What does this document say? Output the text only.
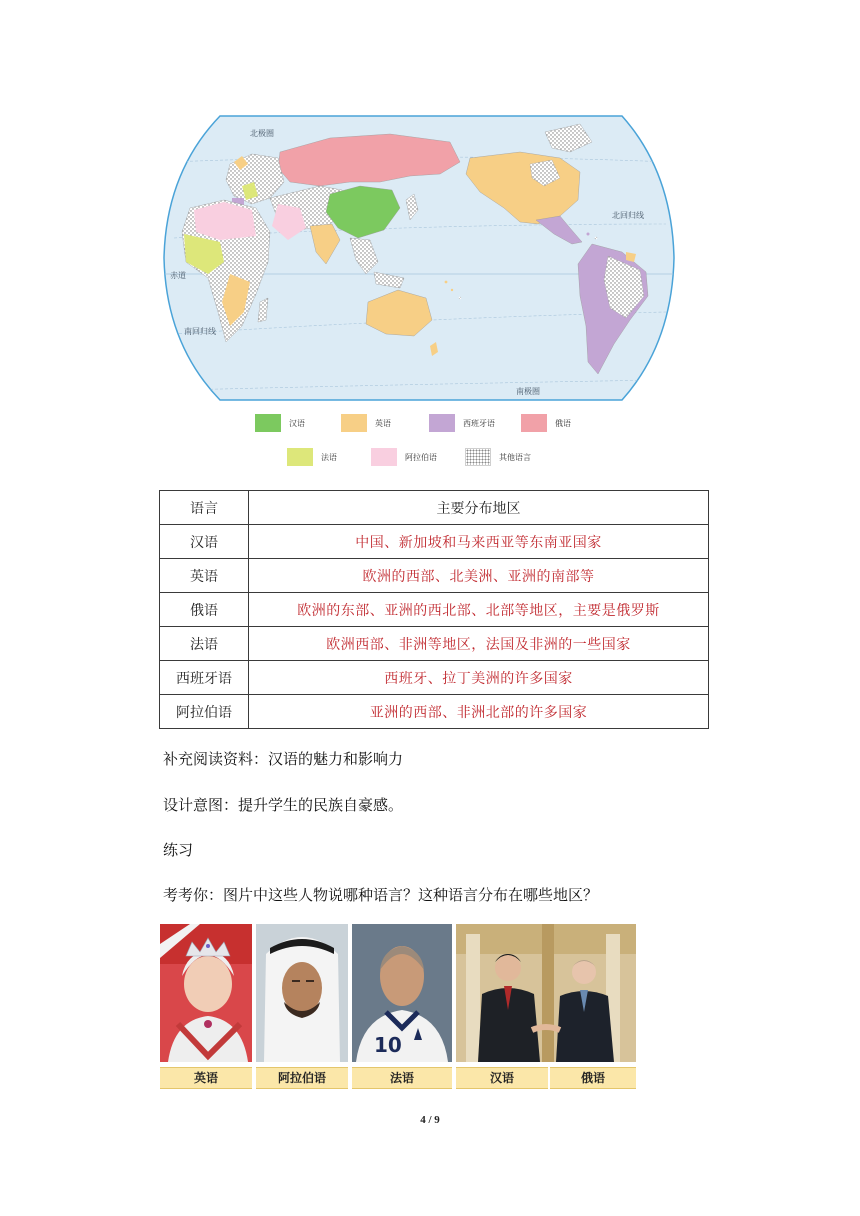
北极圈
北回归线
赤道
南回归线
南极圈
汉语	英语	西班牙语	俄语
法语	阿拉伯语	其他语言
语言	主要分布地区
汉语	中国、新加坡和马来西亚等东南亚国家
英语	欧洲的西部、北美洲、亚洲的南部等
俄语	欧洲的东部、亚洲的西北部、北部等地区，主要是俄罗斯
法语	欧洲西部、非洲等地区，法国及非洲的一些国家
西班牙语	西班牙、拉丁美洲的许多国家
阿拉伯语	亚洲的西部、非洲北部的许多国家
补充阅读资料：汉语的魅力和影响力
设计意图：提升学生的民族自豪感。
练习
考考你：图片中这些人物说哪种语言？这种语言分布在哪些地区？
10
英语	阿拉伯语	法语	汉语	俄语
4 / 9
